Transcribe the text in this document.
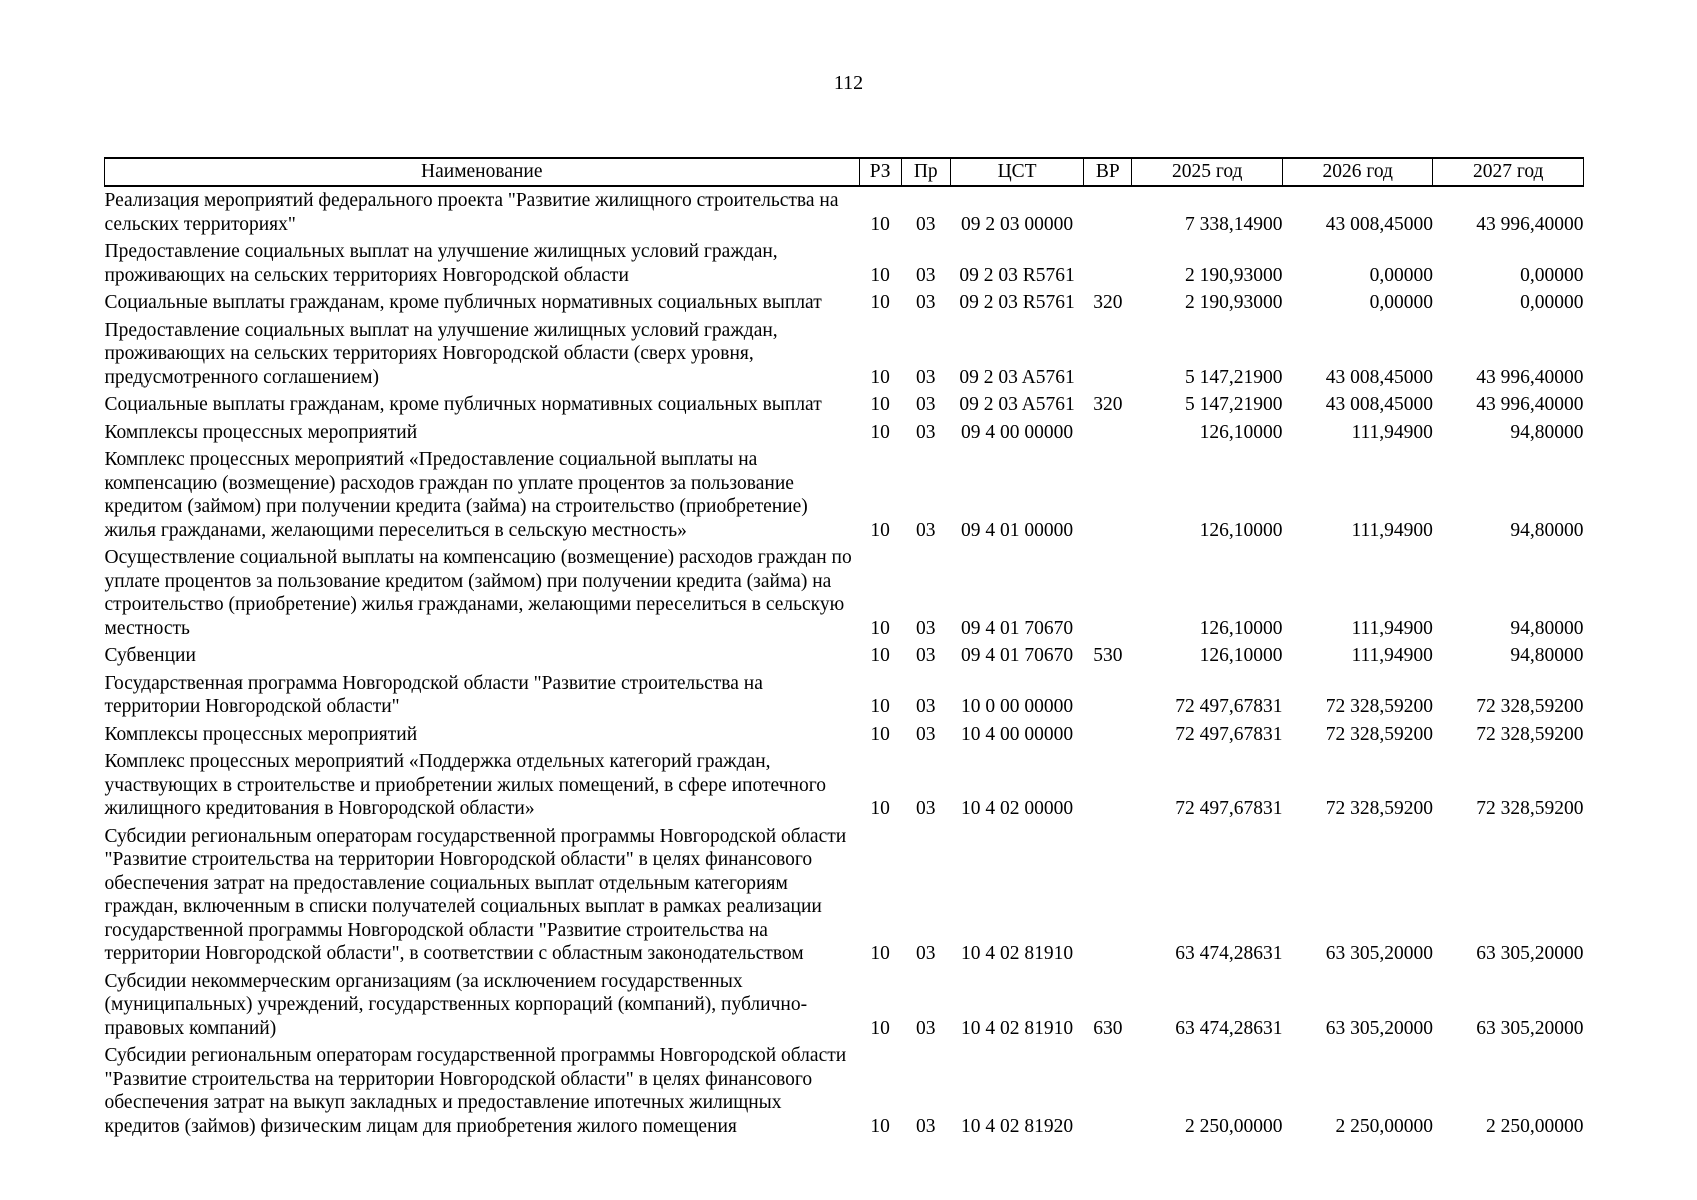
112
Наименование	РЗ	Пр	ЦСТ	ВР	2025 год	2026 год	2027 год
Реализация мероприятий федерального проекта "Развитие жилищного строительства на сельских территориях"	10	03	09 2 03 00000		7 338,14900	43 008,45000	43 996,40000
Предоставление социальных выплат на улучшение жилищных условий граждан, проживающих на сельских территориях Новгородской области	10	03	09 2 03 R5761		2 190,93000	0,00000	0,00000
Социальные выплаты гражданам, кроме публичных нормативных социальных выплат	10	03	09 2 03 R5761	320	2 190,93000	0,00000	0,00000
Предоставление социальных выплат на улучшение жилищных условий граждан, проживающих на сельских территориях Новгородской области (сверх уровня, предусмотренного соглашением)	10	03	09 2 03 A5761		5 147,21900	43 008,45000	43 996,40000
Социальные выплаты гражданам, кроме публичных нормативных социальных выплат	10	03	09 2 03 A5761	320	5 147,21900	43 008,45000	43 996,40000
Комплексы процессных мероприятий	10	03	09 4 00 00000		126,10000	111,94900	94,80000
Комплекс процессных мероприятий «Предоставление социальной выплаты на компенсацию (возмещение) расходов граждан по уплате процентов за пользование кредитом (займом) при получении кредита (займа) на строительство (приобретение) жилья гражданами, желающими переселиться в сельскую местность»	10	03	09 4 01 00000		126,10000	111,94900	94,80000
Осуществление социальной выплаты на компенсацию (возмещение) расходов граждан по уплате процентов за пользование кредитом (займом) при получении кредита (займа) на строительство (приобретение) жилья гражданами, желающими переселиться в сельскую местность	10	03	09 4 01 70670		126,10000	111,94900	94,80000
Субвенции	10	03	09 4 01 70670	530	126,10000	111,94900	94,80000
Государственная программа Новгородской области "Развитие строительства на территории Новгородской области"	10	03	10 0 00 00000		72 497,67831	72 328,59200	72 328,59200
Комплексы процессных мероприятий	10	03	10 4 00 00000		72 497,67831	72 328,59200	72 328,59200
Комплекс процессных мероприятий «Поддержка отдельных категорий граждан, участвующих в строительстве и приобретении жилых помещений, в сфере ипотечного жилищного кредитования в Новгородской области»	10	03	10 4 02 00000		72 497,67831	72 328,59200	72 328,59200
Субсидии региональным операторам государственной программы Новгородской области "Развитие строительства на территории Новгородской области" в целях финансового обеспечения затрат на предоставление социальных выплат отдельным категориям граждан, включенным в списки получателей социальных выплат в рамках реализации государственной программы Новгородской области "Развитие строительства на территории Новгородской области", в соответствии с областным законодательством	10	03	10 4 02 81910		63 474,28631	63 305,20000	63 305,20000
Субсидии некоммерческим организациям (за исключением государственных (муниципальных) учреждений, государственных корпораций (компаний), публично-правовых компаний)	10	03	10 4 02 81910	630	63 474,28631	63 305,20000	63 305,20000
Субсидии региональным операторам государственной программы Новгородской области "Развитие строительства на территории Новгородской области" в целях финансового обеспечения затрат на выкуп закладных и предоставление ипотечных жилищных кредитов (займов) физическим лицам для приобретения жилого помещения	10	03	10 4 02 81920		2 250,00000	2 250,00000	2 250,00000
